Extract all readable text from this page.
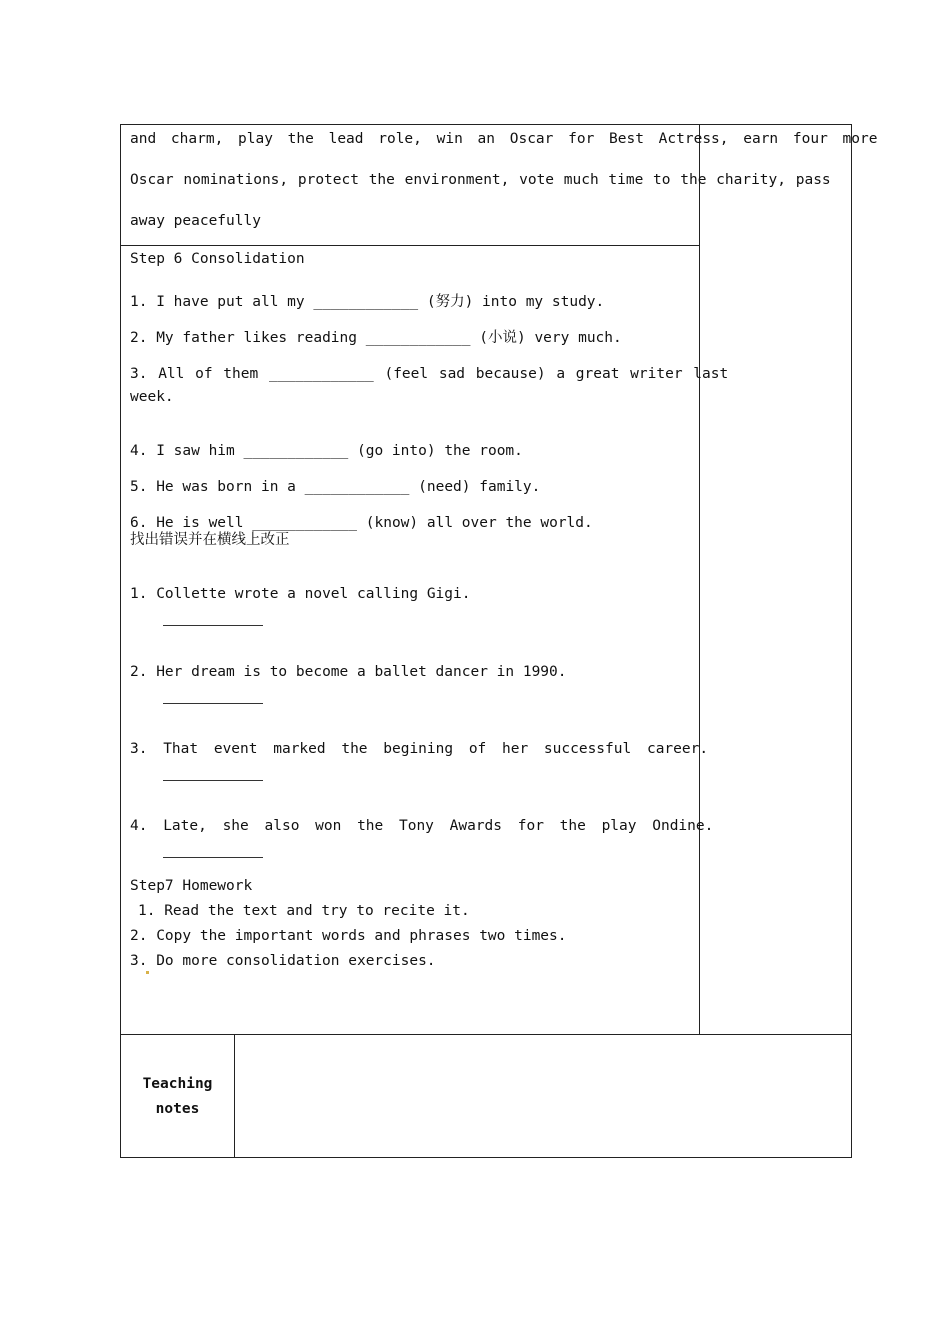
and charm, play the lead role, win an Oscar for Best Actress, earn four more
Oscar nominations, protect the environment, vote much time to the charity, pass
away peacefully
Step 6 Consolidation

1. I have put all my ____________ (努力) into my study.

2. My father likes reading ____________ (小说) very much.

3. All of them ____________ (feel sad because) a great writer last
week.

4. I saw him ____________ (go into) the room.

5. He was born in a ____________ (need) family.

6. He is well ____________ (know) all over the world.
找出错误并在横线上改正

1. Collette wrote a novel calling Gigi.

2. Her dream is to become a ballet dancer in 1990.

3. That event marked the begining of her successful career.

4. Late, she also won the Tony Awards for the play Ondine.
Step7 Homework
1. Read the text and try to recite it.
2. Copy the important words and phrases two times.
3. Do more consolidation exercises.
Teaching
notes
